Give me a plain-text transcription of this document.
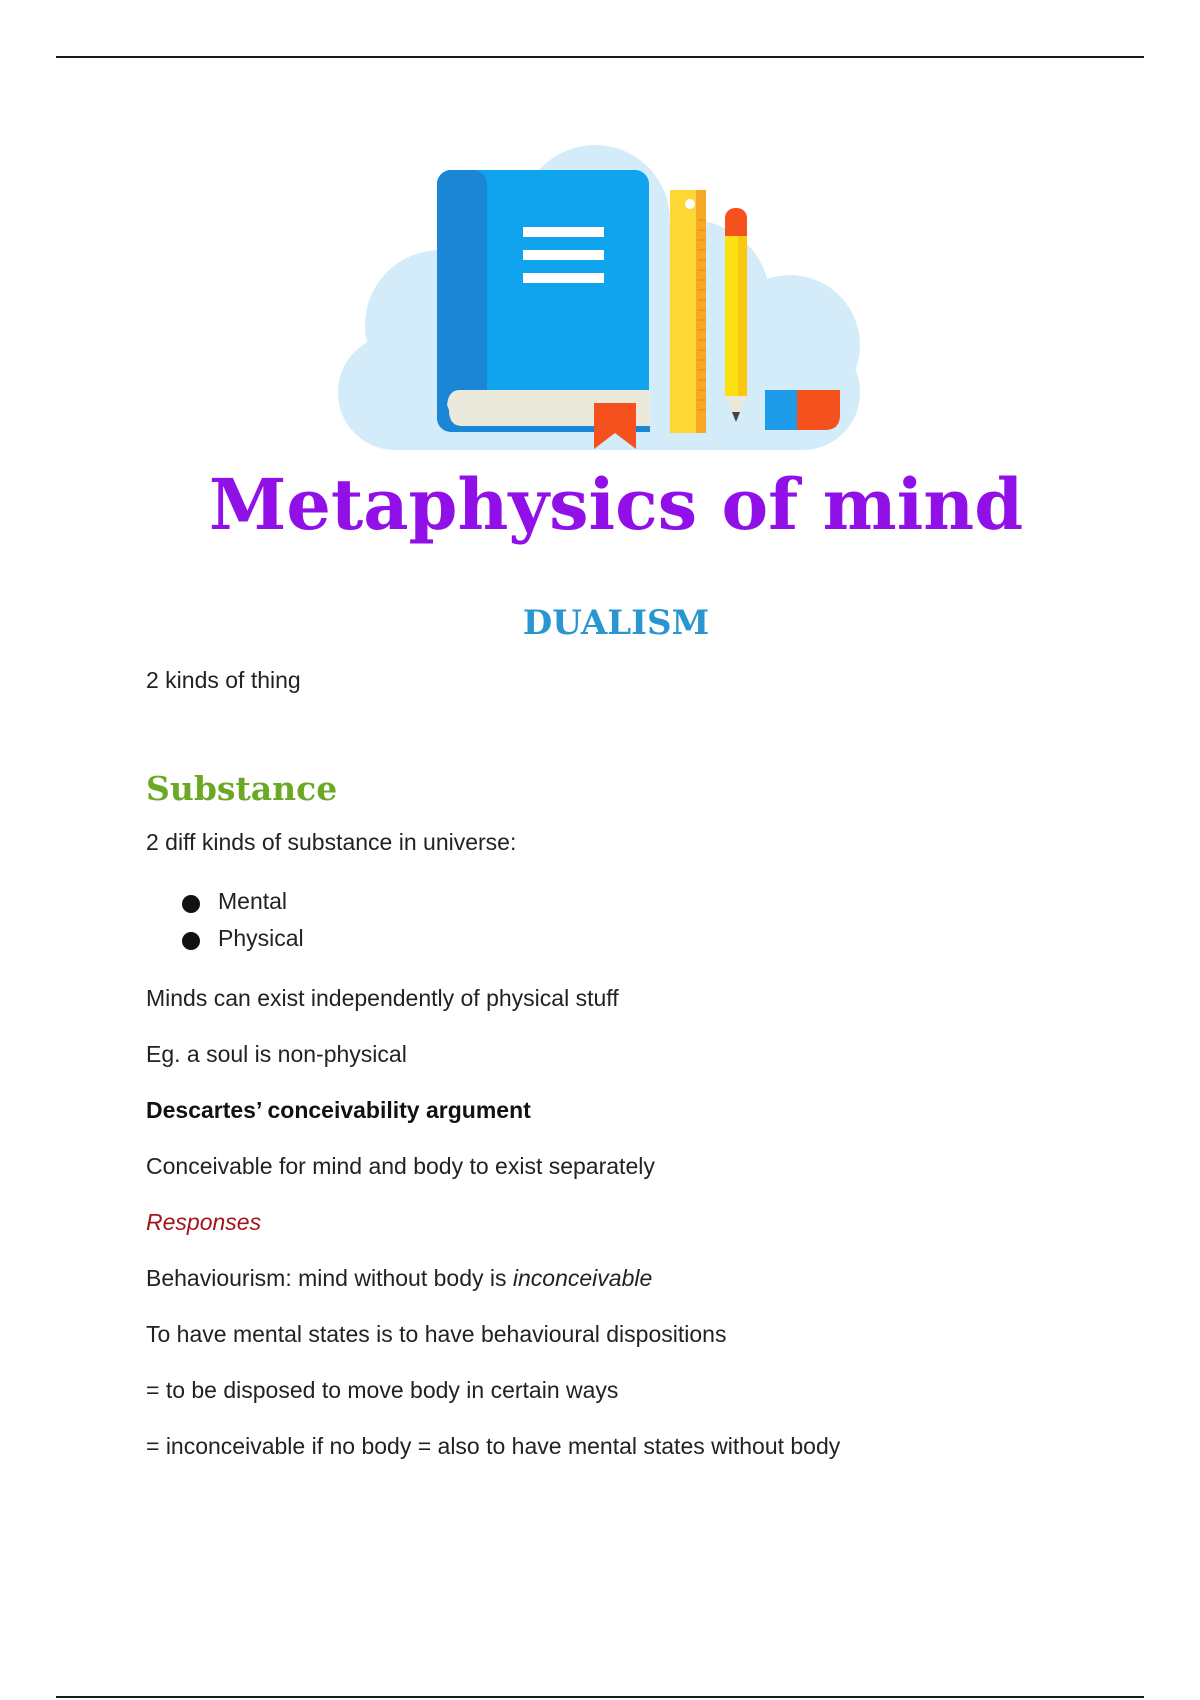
Metaphysics of mind
DUALISM

2 kinds of thing

Substance

2 diff kinds of substance in universe:

Mental
Physical

Minds can exist independently of physical stuff

Eg. a soul is non-physical

Descartes’ conceivability argument

Conceivable for mind and body to exist separately

Responses

Behaviourism: mind without body is inconceivable

To have mental states is to have behavioural dispositions

= to be disposed to move body in certain ways

= inconceivable if no body = also to have mental states without body
